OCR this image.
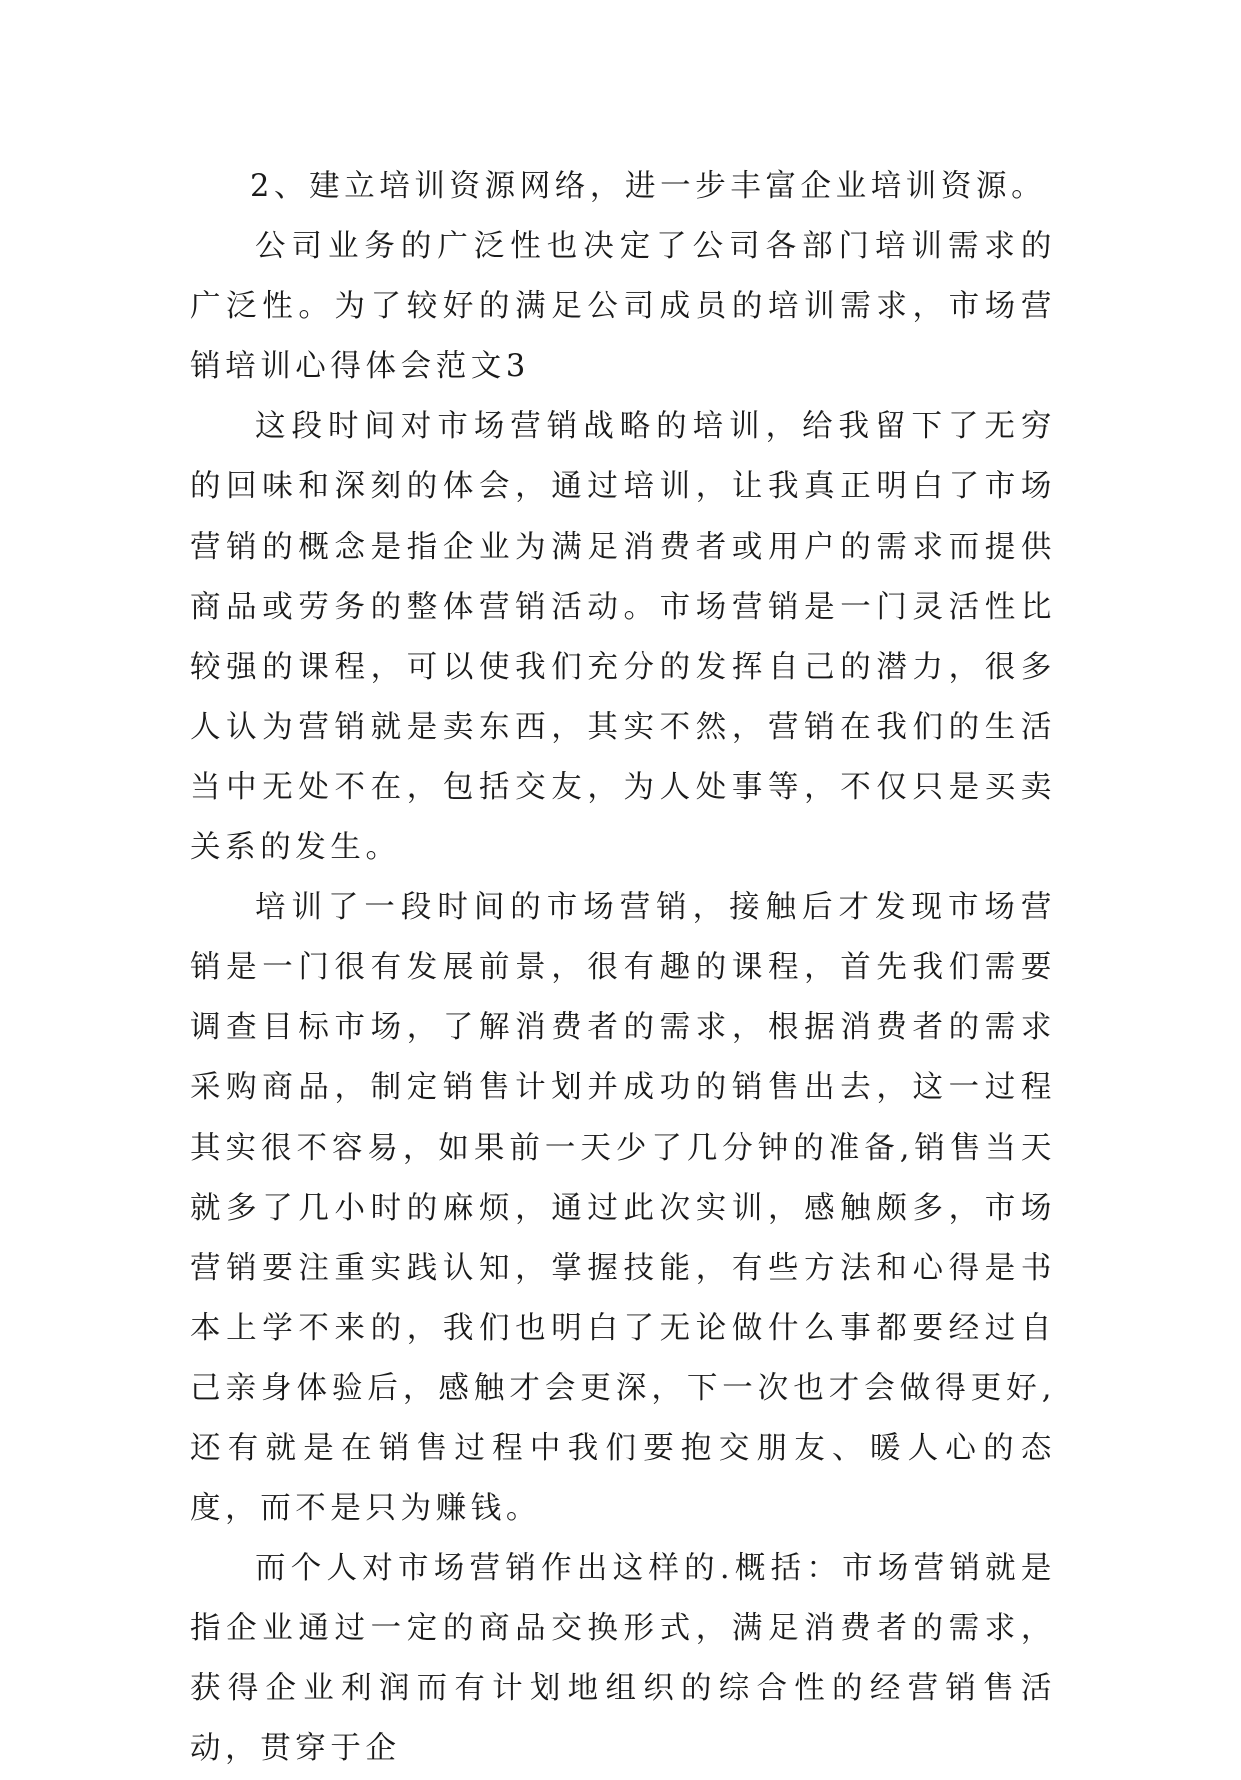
2、建立培训资源网络，进一步丰富企业培训资源。

公司业务的广泛性也决定了公司各部门培训需求的广泛性。为了较好的满足公司成员的培训需求，市场营销培训心得体会范文3

这段时间对市场营销战略的培训，给我留下了无穷的回味和深刻的体会，通过培训，让我真正明白了市场营销的概念是指企业为满足消费者或用户的需求而提供商品或劳务的整体营销活动。市场营销是一门灵活性比较强的课程，可以使我们充分的发挥自己的潜力，很多人认为营销就是卖东西，其实不然，营销在我们的生活当中无处不在，包括交友，为人处事等，不仅只是买卖关系的发生。

培训了一段时间的市场营销，接触后才发现市场营销是一门很有发展前景，很有趣的课程，首先我们需要调查目标市场，了解消费者的需求，根据消费者的需求采购商品，制定销售计划并成功的销售出去，这一过程其实很不容易，如果前一天少了几分钟的准备,销售当天就多了几小时的麻烦，通过此次实训，感触颇多，市场营销要注重实践认知，掌握技能，有些方法和心得是书本上学不来的，我们也明白了无论做什么事都要经过自己亲身体验后，感触才会更深，下一次也才会做得更好,还有就是在销售过程中我们要抱交朋友、暖人心的态度，而不是只为赚钱。

而个人对市场营销作出这样的.概括：市场营销就是指企业通过一定的商品交换形式，满足消费者的需求，获得企业利润而有计划地组织的综合性的经营销售活动，贯穿于企
